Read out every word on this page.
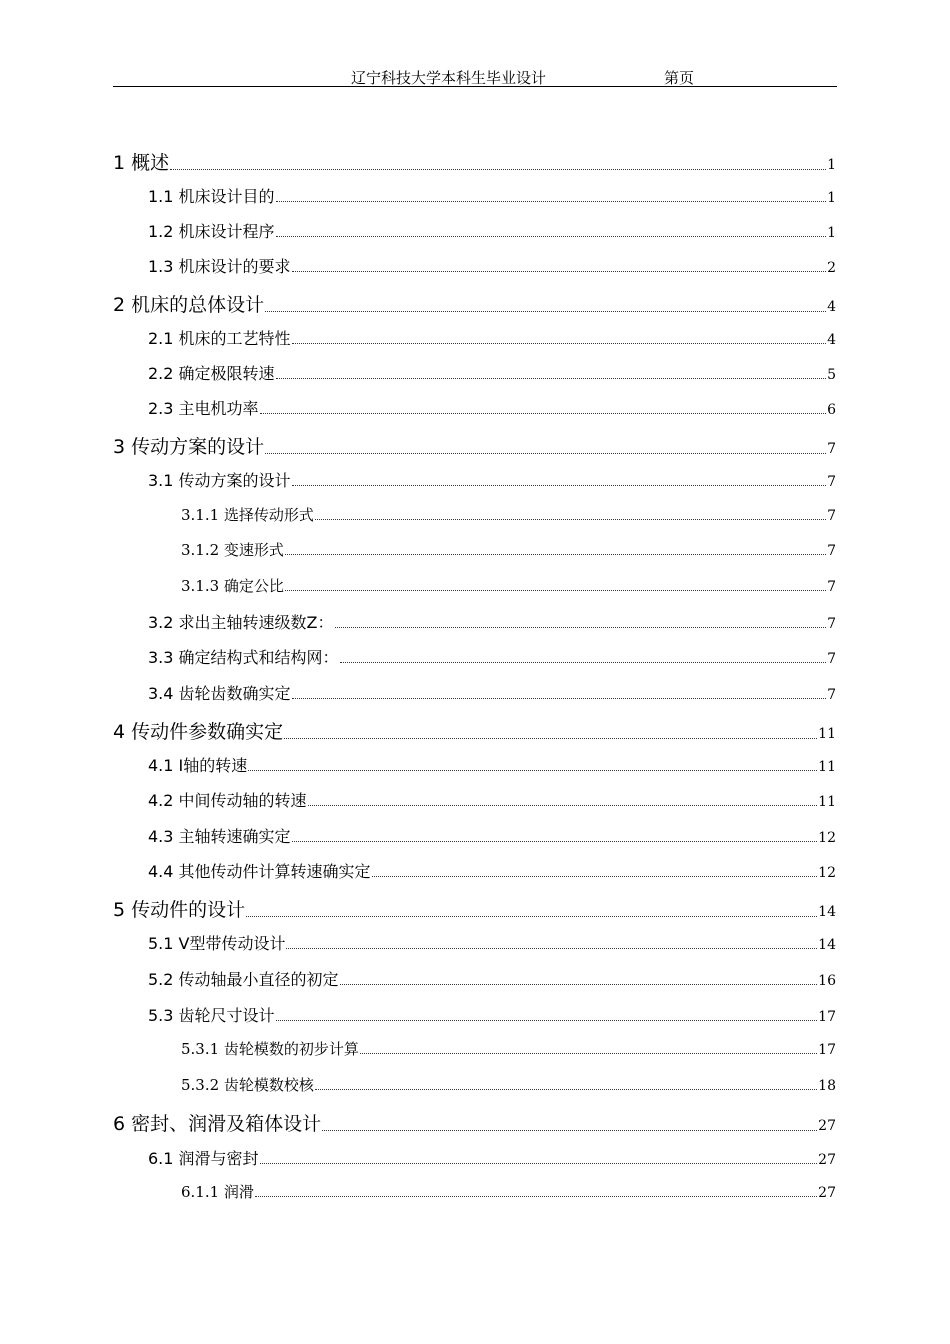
辽宁科技大学本科生毕业设计	第页
1 概述	1
1.1 机床设计目的	1
1.2 机床设计程序	1
1.3 机床设计的要求	2
2 机床的总体设计	4
2.1 机床的工艺特性	4
2.2 确定极限转速	5
2.3 主电机功率	6
3 传动方案的设计	7
3.1 传动方案的设计	7
3.1.1 选择传动形式	7
3.1.2 变速形式	7
3.1.3 确定公比	7
3.2 求出主轴转速级数Z：	7
3.3 确定结构式和结构网：	7
3.4 齿轮齿数确实定	7
4 传动件参数确实定	11
4.1 Ⅰ轴的转速	11
4.2 中间传动轴的转速	11
4.3 主轴转速确实定	12
4.4 其他传动件计算转速确实定	12
5 传动件的设计	14
5.1 V型带传动设计	14
5.2 传动轴最小直径的初定	16
5.3 齿轮尺寸设计	17
5.3.1 齿轮模数的初步计算	17
5.3.2 齿轮模数校核	18
6 密封、润滑及箱体设计	27
6.1 润滑与密封	27
6.1.1 润滑	27
